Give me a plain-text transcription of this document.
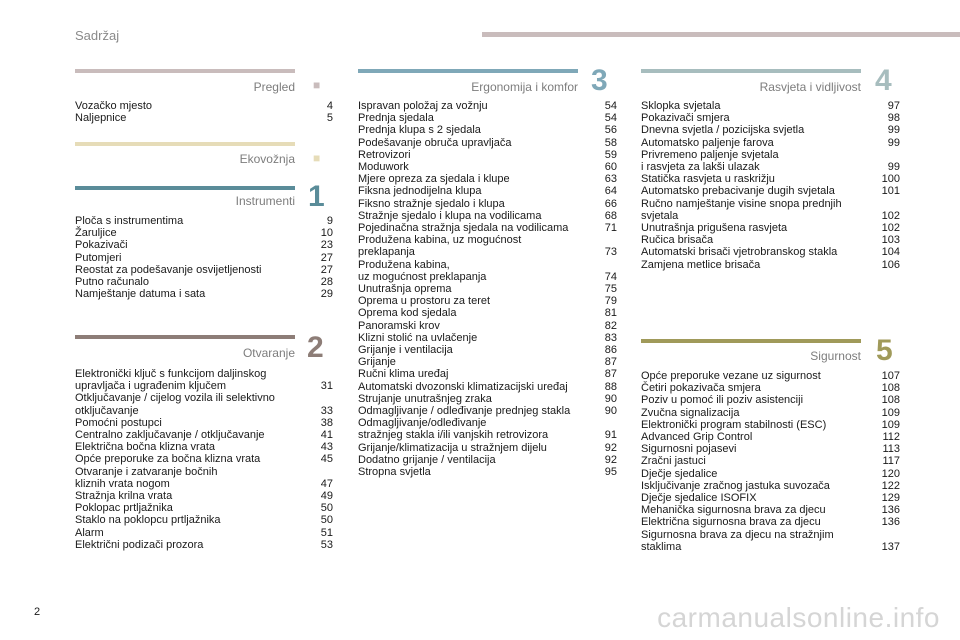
Sadržaj
Pregled ■
Vozačko mjesto	4
Naljepnice	5
Ekovožnja ■
Instrumenti 1
Ploča s instrumentima	9
Žaruljice	10
Pokazivači	23
Putomjeri	27
Reostat za podešavanje osvijetljenosti	27
Putno računalo	28
Namještanje datuma i sata	29
Otvaranje 2
Elektronički ključ s funkcijom daljinskog
upravljača i ugrađenim ključem	31
Otključavanje / cijelog vozila ili selektivno
otključavanje	33
Pomoćni postupci	38
Centralno zaključavanje / otključavanje	41
Električna bočna klizna vrata	43
Opće preporuke za bočna klizna vrata	45
Otvaranje i zatvaranje bočnih
kliznih vrata nogom	47
Stražnja krilna vrata	49
Poklopac prtljažnika	50
Staklo na poklopcu prtljažnika	50
Alarm	51
Električni podizači prozora	53
Ergonomija i komfor 3
Ispravan položaj za vožnju	54
Prednja sjedala	54
Prednja klupa s 2 sjedala	56
Podešavanje obruča upravljača	58
Retrovizori	59
Moduwork	60
Mjere opreza za sjedala i klupe	63
Fiksna jednodijelna klupa	64
Fiksno stražnje sjedalo i klupa	66
Stražnje sjedalo i klupa na vodilicama	68
Pojedinačna stražnja sjedala na vodilicama	71
Produžena kabina, uz mogućnost
preklapanja	73
Produžena kabina,
uz mogućnost preklapanja	74
Unutrašnja oprema	75
Oprema u prostoru za teret	79
Oprema kod sjedala	81
Panoramski krov	82
Klizni stolić na uvlačenje	83
Grijanje i ventilacija	86
Grijanje	87
Ručni klima uređaj	87
Automatski dvozonski klimatizacijski uređaj	88
Strujanje unutrašnjeg zraka	90
Odmagljivanje / odleđivanje prednjeg stakla	90
Odmagljivanje/odleđivanje
stražnjeg stakla i/ili vanjskih retrovizora	91
Grijanje/klimatizacija u stražnjem dijelu	92
Dodatno grijanje / ventilacija	92
Stropna svjetla	95
Rasvjeta i vidljivost 4
Sklopka svjetala	97
Pokazivači smjera	98
Dnevna svjetla / pozicijska svjetla	99
Automatsko paljenje farova	99
Privremeno paljenje svjetala
i rasvjeta za lakši ulazak	99
Statička rasvjeta u raskrižju	100
Automatsko prebacivanje dugih svjetala	101
Ručno namještanje visine snopa prednjih
svjetala	102
Unutrašnja prigušena rasvjeta	102
Ručica brisača	103
Automatski brisači vjetrobranskog stakla	104
Zamjena metlice brisača	106
Sigurnost 5
Opće preporuke vezane uz sigurnost	107
Četiri pokazivača smjera	108
Poziv u pomoć ili poziv asistenciji	108
Zvučna signalizacija	109
Elektronički program stabilnosti (ESC)	109
Advanced Grip Control	112
Sigurnosni pojasevi	113
Zračni jastuci	117
Dječje sjedalice	120
Isključivanje zračnog jastuka suvozača	122
Dječje sjedalice ISOFIX	129
Mehanička sigurnosna brava za djecu	136
Električna sigurnosna brava za djecu	136
Sigurnosna brava za djecu na stražnjim
staklima	137
2	carmanualsonline.info
